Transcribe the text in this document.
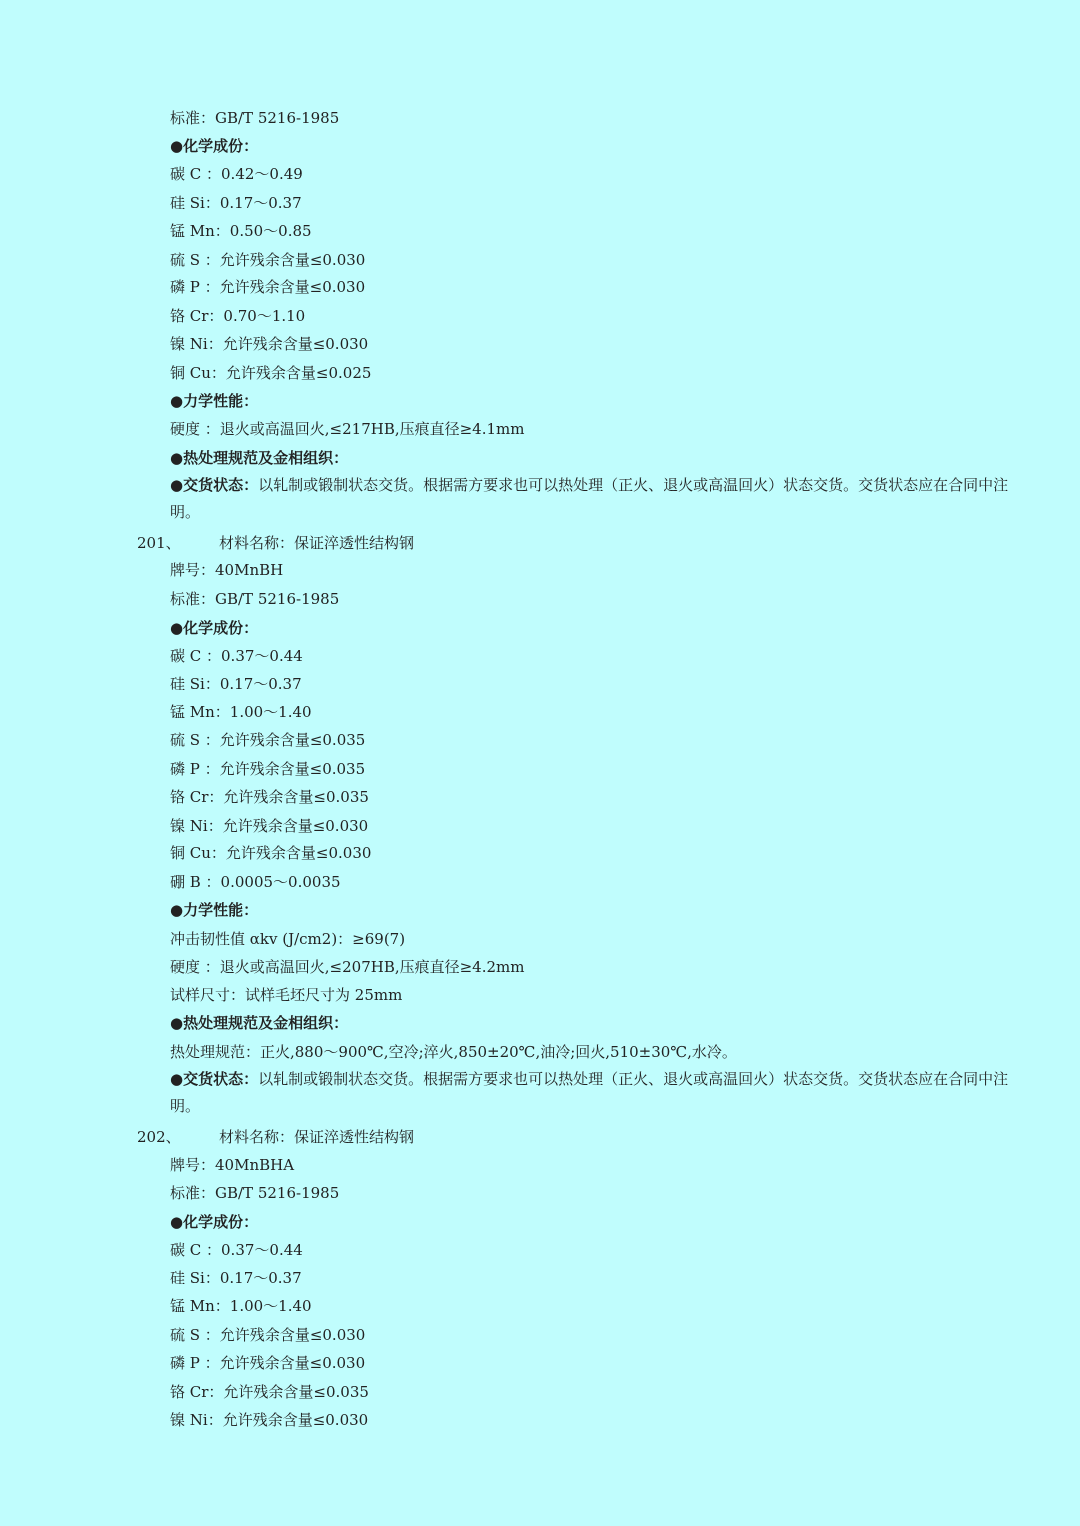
标准：GB/T 5216-1985
●化学成份：
碳 C ：0.42～0.49
硅 Si：0.17～0.37
锰 Mn：0.50～0.85
硫 S ：允许残余含量≤0.030
磷 P ：允许残余含量≤0.030
铬 Cr：0.70～1.10
镍 Ni：允许残余含量≤0.030
铜 Cu：允许残余含量≤0.025
●力学性能：
硬度 ：退火或高温回火,≤217HB,压痕直径≥4.1mm
●热处理规范及金相组织：
●交货状态：以轧制或锻制状态交货。根据需方要求也可以热处理（正火、退火或高温回火）状态交货。交货状态应在合同中注明。
201、	材料名称：保证淬透性结构钢
牌号：40MnBH
标准：GB/T 5216-1985
●化学成份：
碳 C ：0.37～0.44
硅 Si：0.17～0.37
锰 Mn：1.00～1.40
硫 S ：允许残余含量≤0.035
磷 P ：允许残余含量≤0.035
铬 Cr：允许残余含量≤0.035
镍 Ni：允许残余含量≤0.030
铜 Cu：允许残余含量≤0.030
硼 B ：0.0005～0.0035
●力学性能：
冲击韧性值 αkv (J/cm2)：≥69(7)
硬度 ：退火或高温回火,≤207HB,压痕直径≥4.2mm
试样尺寸：试样毛坯尺寸为 25mm
●热处理规范及金相组织：
热处理规范：正火,880～900℃,空冷;淬火,850±20℃,油冷;回火,510±30℃,水冷。
●交货状态：以轧制或锻制状态交货。根据需方要求也可以热处理（正火、退火或高温回火）状态交货。交货状态应在合同中注明。
202、	材料名称：保证淬透性结构钢
牌号：40MnBHA
标准：GB/T 5216-1985
●化学成份：
碳 C ：0.37～0.44
硅 Si：0.17～0.37
锰 Mn：1.00～1.40
硫 S ：允许残余含量≤0.030
磷 P ：允许残余含量≤0.030
铬 Cr：允许残余含量≤0.035
镍 Ni：允许残余含量≤0.030
